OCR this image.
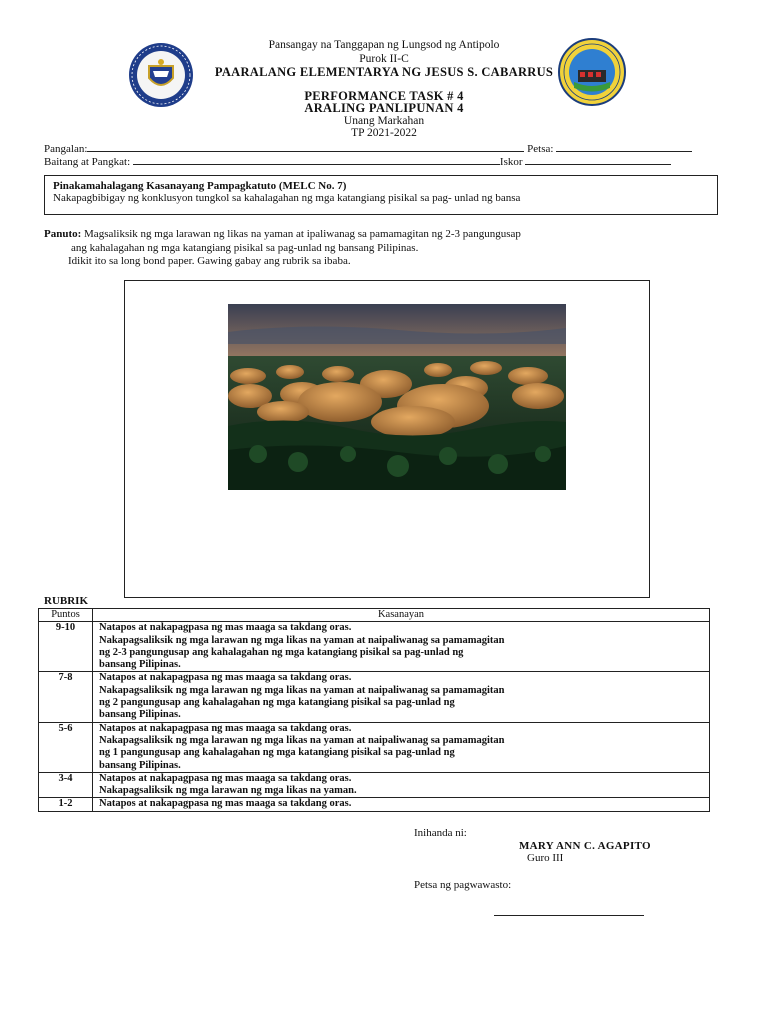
Pansangay na Tanggapan ng Lungsod ng Antipolo
Purok II-C
PAARALANG ELEMENTARYA NG JESUS S. CABARRUS
PERFORMANCE TASK # 4
ARALING PANLIPUNAN 4
Unang Markahan
TP 2021-2022
Pangalan:	Petsa:
Baitang at Pangkat:	Iskor
Pinakamahalagang Kasanayang Pampagkatuto (MELC No. 7)
Nakapagbibigay ng konklusyon tungkol sa kahalagahan ng mga katangiang pisikal sa pag- unlad ng bansa
Panuto: Magsaliksik ng mga larawan ng likas na yaman at ipaliwanag sa pamamagitan ng 2-3 pangungusap
ang kahalagahan ng mga katangiang pisikal sa pag-unlad ng bansang Pilipinas.
Idikit ito sa long bond paper. Gawing gabay ang rubrik sa ibaba.
RUBRIK
Puntos	Kasanayan
9-10	Natapos at nakapagpasa ng mas maaga sa takdang oras.
Nakapagsaliksik ng mga larawan ng mga likas na yaman at naipaliwanag sa pamamagitan
ng 2-3 pangungusap ang kahalagahan ng mga katangiang pisikal sa pag-unlad ng
bansang Pilipinas.

7-8	Natapos at nakapagpasa ng mas maaga sa takdang oras.
Nakapagsaliksik ng mga larawan ng mga likas na yaman at naipaliwanag sa pamamagitan
ng 2 pangungusap ang kahalagahan ng mga katangiang pisikal sa pag-unlad ng
bansang Pilipinas.

5-6	Natapos at nakapagpasa ng mas maaga sa takdang oras.
Nakapagsaliksik ng mga larawan ng mga likas na yaman at naipaliwanag sa pamamagitan
ng 1 pangungusap ang kahalagahan ng mga katangiang pisikal sa pag-unlad ng
bansang Pilipinas.

3-4	Natapos at nakapagpasa ng mas maaga sa takdang oras.
Nakapagsaliksik ng mga larawan ng mga likas na yaman.

1-2	Natapos at nakapagpasa ng mas maaga sa takdang oras.
Inihanda ni:
MARY ANN C. AGAPITO
Guro III
Petsa ng pagwawasto:
